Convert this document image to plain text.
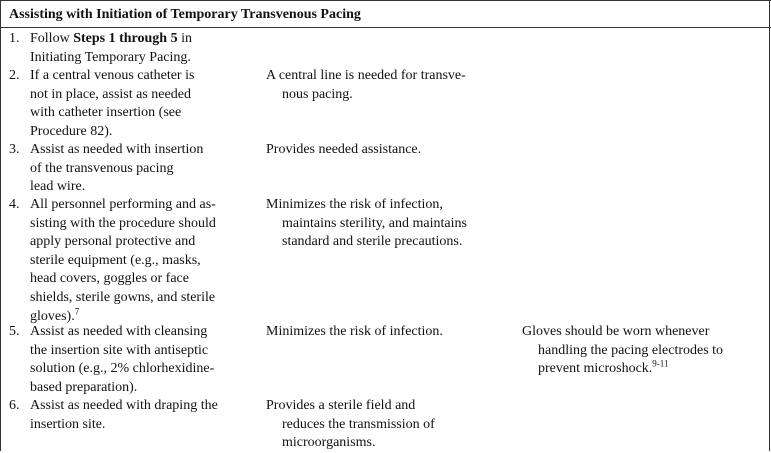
Assisting with Initiation of Temporary Transvenous Pacing
1. Follow Steps 1 through 5 in
Initiating Temporary Pacing.
2. If a central venous catheter is
not in place, assist as needed
with catheter insertion (see
Procedure 82).
A central line is needed for transve-
nous pacing.
3. Assist as needed with insertion
of the transvenous pacing
lead wire.
Provides needed assistance.
4. All personnel performing and as-
sisting with the procedure should
apply personal protective and
sterile equipment (e.g., masks,
head covers, goggles or face
shields, sterile gowns, and sterile
gloves).$^7$
Minimizes the risk of infection,
maintains sterility, and maintains
standard and sterile precautions.
5. Assist as needed with cleansing
the insertion site with antiseptic
solution (e.g., 2% chlorhexidine-
based preparation).
Minimizes the risk of infection.	Gloves should be worn whenever
handling the pacing electrodes to
prevent microshock.$^{9-11}$
6. Assist as needed with draping the
insertion site.
Provides a sterile field and
reduces the transmission of
microorganisms.
